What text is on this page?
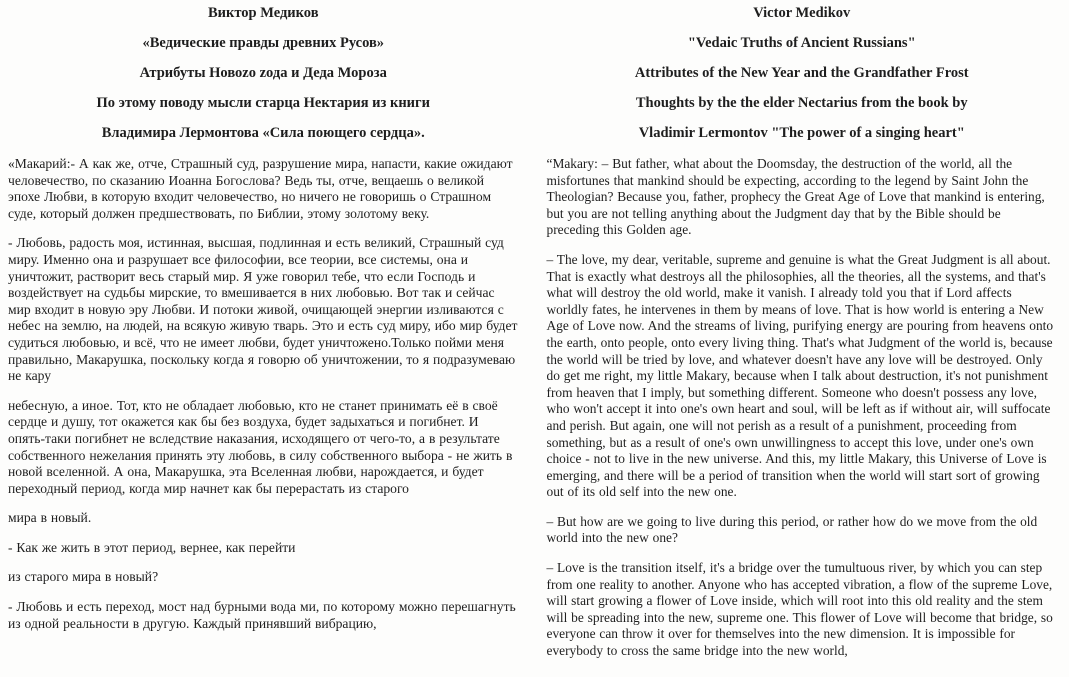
Виктор Медиков
«Ведические правды древних Русов»
Атрибуты Новоzо zода и Деда Мороза
По этому поводу мысли старца Нектария из книги
Владимира Лермонтова «Сила поющего сердца».

«Макарий:- А как же, отче, Страшный суд, разрушение мира, напасти, какие ожидают человечество, по сказанию Иоанна Богослова? Ведь ты, отче, вещаешь о великой эпохе Любви, в которую входит человечество, но ничего не говоришь о Страшном суде, который должен предшествовать, по Библии, этому золотому веку.

- Любовь, радость моя, истинная, высшая, подлинная и есть великий, Страшный суд миру. Именно она и разрушает все философии, все теории, все системы, она и уничтожит, растворит весь старый мир. Я уже говорил тебе, что если Господь и воздействует на судьбы мирские, то вмешивается в них любовью. Вот так и сейчас мир входит в новую эру Любви. И потоки живой, очищающей энергии изливаются с небес на землю, на людей, на всякую живую тварь. Это и есть суд миру, ибо мир будет судиться любовью, и всё, что не имеет любви, будет уничтожено.Только пойми меня правильно, Макарушка, поскольку когда я говорю об уничтожении, то я подразумеваю не кару

небесную, а иное. Тот, кто не обладает любовью, кто не станет принимать её в своё сердце и душу, тот окажется как бы без воздуха, будет задыхаться и погибнет. И опять-таки погибнет не вследствие наказания, исходящего от чего-то, а в результате собственного нежелания принять эту любовь, в силу собственного выбора - не жить в новой вселенной. А она, Макарушка, эта Вселенная любви, нарождается, и будет переходный период, когда мир начнет как бы перерастать из старого

мира в новый.

- Как же жить в этот период, вернее, как перейти

из старого мира в новый?

- Любовь и есть переход, мост над бурными вода ми, по которому можно перешагнуть из одной реальности в другую. Каждый принявший вибрацию,

Victor Medikov
"Vedaic Truths of Ancient Russians"
Attributes of the New Year and the Grandfather Frost
Thoughts by the the elder Nectarius from the book by
Vladimir Lermontov "The power of a singing heart"

“Makary: – But father, what about the Doomsday, the destruction of the world, all the misfortunes that mankind should be expecting, according to the legend by Saint John the Theologian? Because you, father, prophecy the Great Age of Love that mankind is entering, but you are not telling anything about the Judgment day that by the Bible should be preceding this Golden age.

– The love, my dear, veritable, supreme and genuine is what the Great Judgment is all about. That is exactly what destroys all the philosophies, all the theories, all the systems, and that's what will destroy the old world, make it vanish. I already told you that if Lord affects worldly fates, he intervenes in them by means of love. That is how world is entering a New Age of Love now. And the streams of living, purifying energy are pouring from heavens onto the earth, onto people, onto every living thing. That's what Judgment of the world is, because the world will be tried by love, and whatever doesn't have any love will be destroyed. Only do get me right, my little Makary, because when I talk about destruction, it's not punishment from heaven that I imply, but something different. Someone who doesn't possess any love, who won't accept it into one's own heart and soul, will be left as if without air, will suffocate and perish. But again, one will not perish as a result of a punishment, proceeding from something, but as a result of one's own unwillingness to accept this love, under one's own choice - not to live in the new universe. And this, my little Makary, this Universe of Love is emerging, and there will be a period of transition when the world will start sort of growing out of its old self into the new one.

– But how are we going to live during this period, or rather how do we move from the old world into the new one?

– Love is the transition itself, it's a bridge over the tumultuous river, by which you can step from one reality to another. Anyone who has accepted vibration, a flow of the supreme Love, will start growing a flower of Love inside, which will root into this old reality and the stem will be spreading into the new, supreme one. This flower of Love will become that bridge, so everyone can throw it over for themselves into the new dimension. It is impossible for everybody to cross the same bridge into the new world,
